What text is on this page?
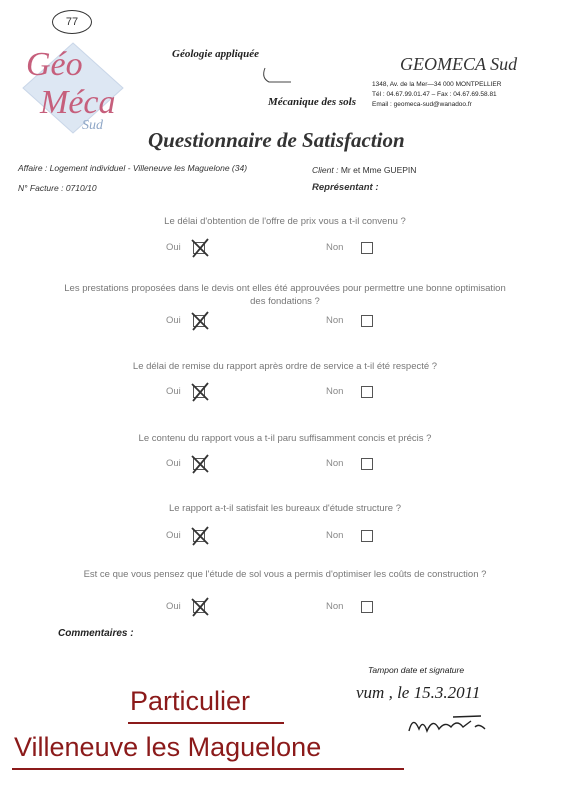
77
Géo
Méca
Sud
Géologie appliquée
Mécanique des sols
GEOMECA Sud
1348, Av. de la Mer—34 000 MONTPELLIER
Tél : 04.67.99.01.47 – Fax : 04.67.69.58.81
Email : geomeca-sud@wanadoo.fr
Questionnaire de Satisfaction
Affaire : Logement individuel - Villeneuve les Maguelone (34)	Client : Mr et Mme GUEPIN
N° Facture : 0710/10	Représentant :
Le délai d'obtention de l'offre de prix vous a t-il convenu ?
Oui	Non
Les prestations proposées dans le devis ont elles été approuvées pour permettre une bonne optimisation des fondations ?
Oui	Non
Le délai de remise du rapport après ordre de service a t-il été respecté ?
Oui	Non
Le contenu du rapport vous a t-il paru suffisamment concis et précis ?
Oui	Non
Le rapport a-t-il satisfait les bureaux d'étude structure ?
Oui	Non
Est ce que vous pensez que l'étude de sol vous a permis d'optimiser les coûts de construction ?
Oui	Non
Commentaires :
Tampon date et signature
vum , le 15.3.2011
Particulier
Villeneuve les Maguelone
